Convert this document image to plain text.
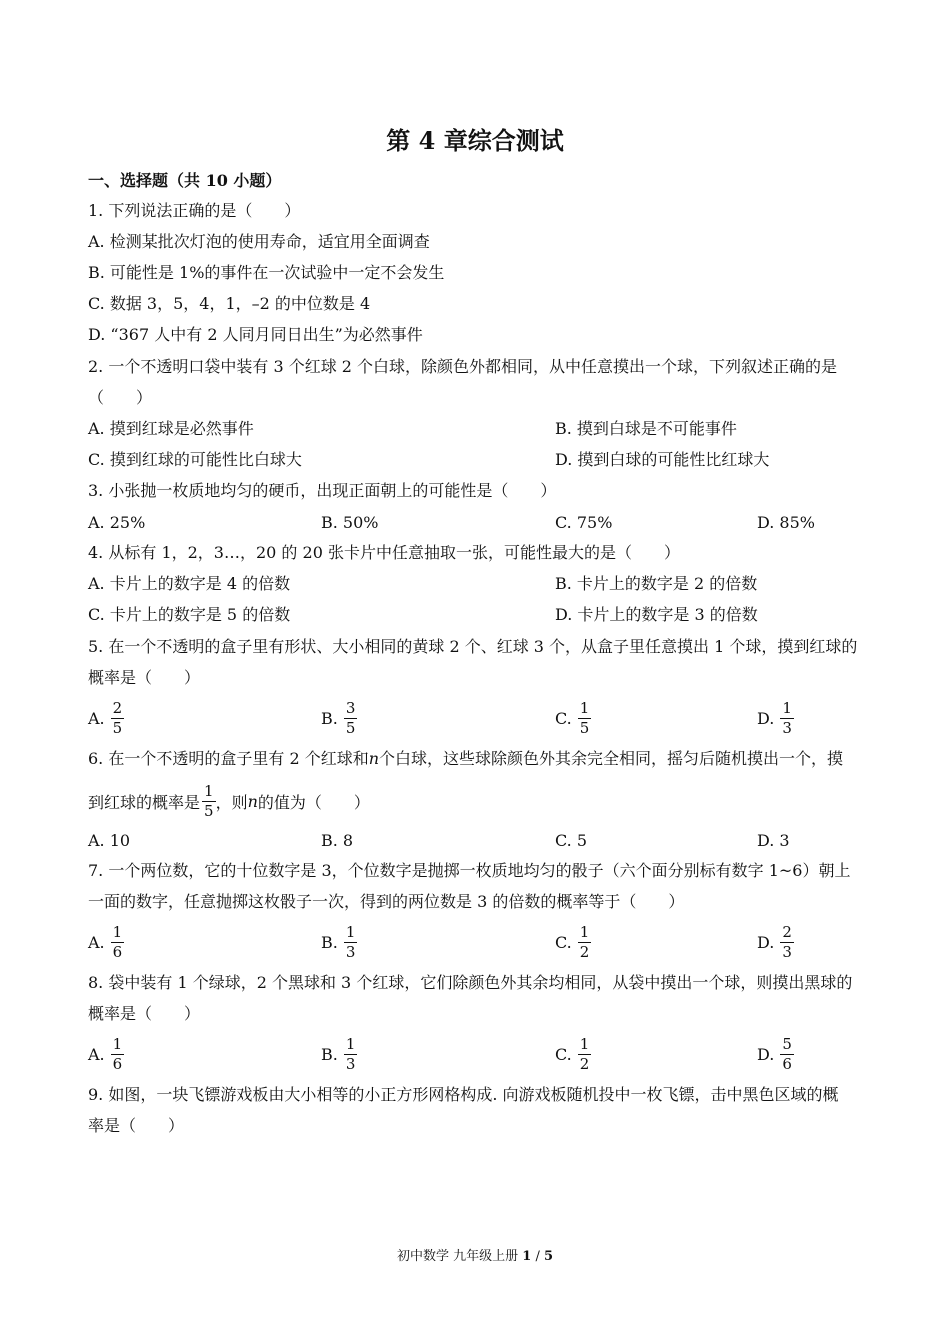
第 4 章综合测试
一、选择题（共 10 小题）
1. 下列说法正确的是（　　）
A. 检测某批次灯泡的使用寿命，适宜用全面调查
B. 可能性是 1%的事件在一次试验中一定不会发生
C. 数据 3，5，4，1，–2 的中位数是 4
D. “367 人中有 2 人同月同日出生”为必然事件
2. 一个不透明口袋中装有 3 个红球 2 个白球，除颜色外都相同，从中任意摸出一个球，下列叙述正确的是
（　　）
A. 摸到红球是必然事件	B. 摸到白球是不可能事件
C. 摸到红球的可能性比白球大	D. 摸到白球的可能性比红球大
3. 小张抛一枚质地均匀的硬币，出现正面朝上的可能性是（　　）
A. 25%	B. 50%	C. 75%	D. 85%
4. 从标有 1，2，3…，20 的 20 张卡片中任意抽取一张，可能性最大的是（　　）
A. 卡片上的数字是 4 的倍数	B. 卡片上的数字是 2 的倍数
C. 卡片上的数字是 5 的倍数	D. 卡片上的数字是 3 的倍数
5. 在一个不透明的盒子里有形状、大小相同的黄球 2 个、红球 3 个，从盒子里任意摸出 1 个球，摸到红球的
概率是（　　）
A. $\frac{2}{5}$	B. $\frac{3}{5}$	C. $\frac{1}{5}$	D. $\frac{1}{3}$
6. 在一个不透明的盒子里有 2 个红球和n个白球，这些球除颜色外其余完全相同，摇匀后随机摸出一个，摸
到红球的概率是 $\frac{1}{5}$ ，则 n 的值为（　　）
A. 10	B. 8	C. 5	D. 3
7. 一个两位数，它的十位数字是 3，个位数字是抛掷一枚质地均匀的骰子（六个面分别标有数字 1~6）朝上
一面的数字，任意抛掷这枚骰子一次，得到的两位数是 3 的倍数的概率等于（　　）
A. $\frac{1}{6}$	B. $\frac{1}{3}$	C. $\frac{1}{2}$	D. $\frac{2}{3}$
8. 袋中装有 1 个绿球，2 个黑球和 3 个红球，它们除颜色外其余均相同，从袋中摸出一个球，则摸出黑球的
概率是（　　）
A. $\frac{1}{6}$	B. $\frac{1}{3}$	C. $\frac{1}{2}$	D. $\frac{5}{6}$
9. 如图，一块飞镖游戏板由大小相等的小正方形网格构成. 向游戏板随机投中一枚飞镖，击中黑色区域的概
率是（　　）
初中数学 九年级上册 1 / 5
